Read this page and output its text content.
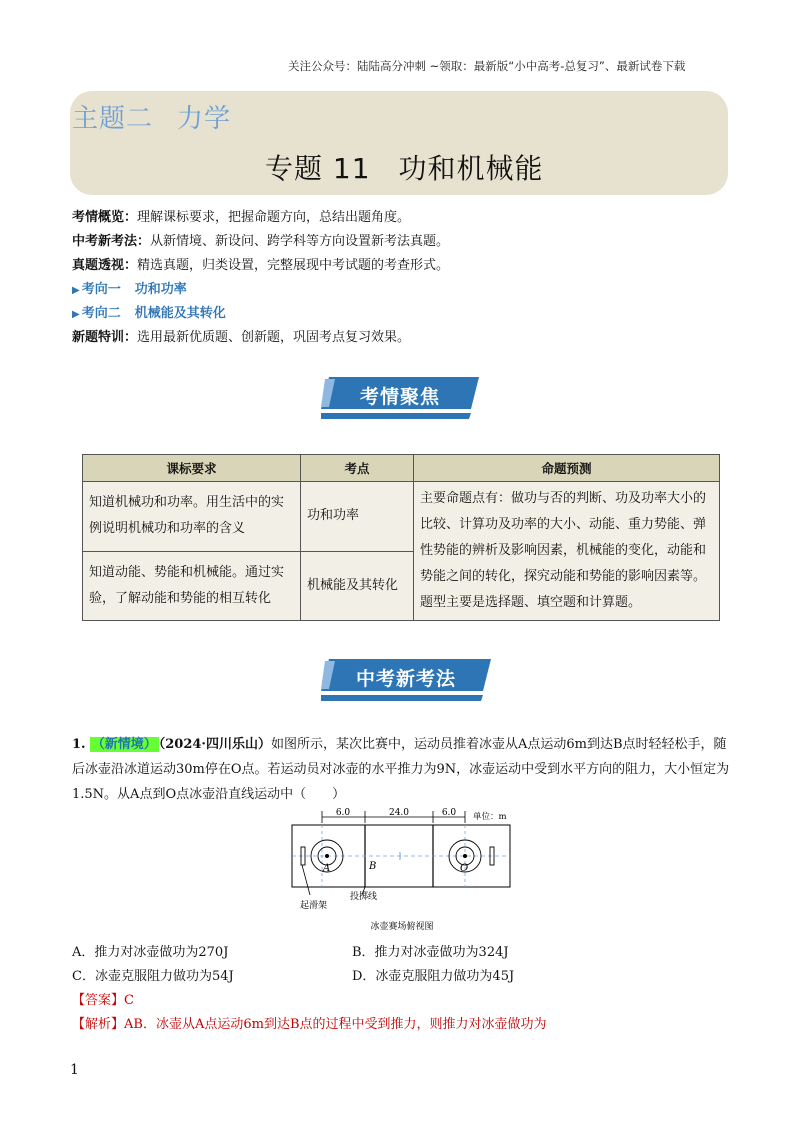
关注公众号：陆陆高分冲刺 ~领取：最新版“小中高考-总复习”、最新试卷下载
主题二 力学
专题 11 功和机械能
考情概览：理解课标要求，把握命题方向，总结出题角度。
中考新考法：从新情境、新设问、跨学科等方向设置新考法真题。
真题透视：精选真题，归类设置，完整展现中考试题的考查形式。
▶ 考向一 功和功率
▶ 考向二 机械能及其转化
新题特训：选用最新优质题、创新题，巩固考点复习效果。
考情聚焦
课标要求	考点	命题预测
知道机械功和功率。用生活中的实例说明机械功和功率的含义	功和功率	主要命题点有：做功与否的判断、功及功率大小的比较、计算功及功率的大小、动能、重力势能、弹性势能的辨析及影响因素，机械能的变化，动能和势能之间的转化，探究动能和势能的影响因素等。
题型主要是选择题、填空题和计算题。

知道动能、势能和机械能。通过实验，了解动能和势能的相互转化	机械能及其转化	
中考新考法
1. （新情境） （2024·四川乐山）如图所示，某次比赛中，运动员推着冰壶从A点运动6m到达B点时轻轻松手，随后冰壶沿冰道运动30m停在O点。若运动员对冰壶的水平推力为9N，冰壶运动中受到水平方向的阻力，大小恒定为1.5N。从A点到O点冰壶沿直线运动中（　　）
6.0	24.0	6.0 单位：m
A	B	O
起滑架
投掷线
冰壶赛场俯视图
A．推力对冰壶做功为270J	B．推力对冰壶做功为324J
C．冰壶克服阻力做功为54J	D．冰壶克服阻力做功为45J
【答案】C
【解析】AB．冰壶从A点运动6m到达B点的过程中受到推力，则推力对冰壶做功为
1
